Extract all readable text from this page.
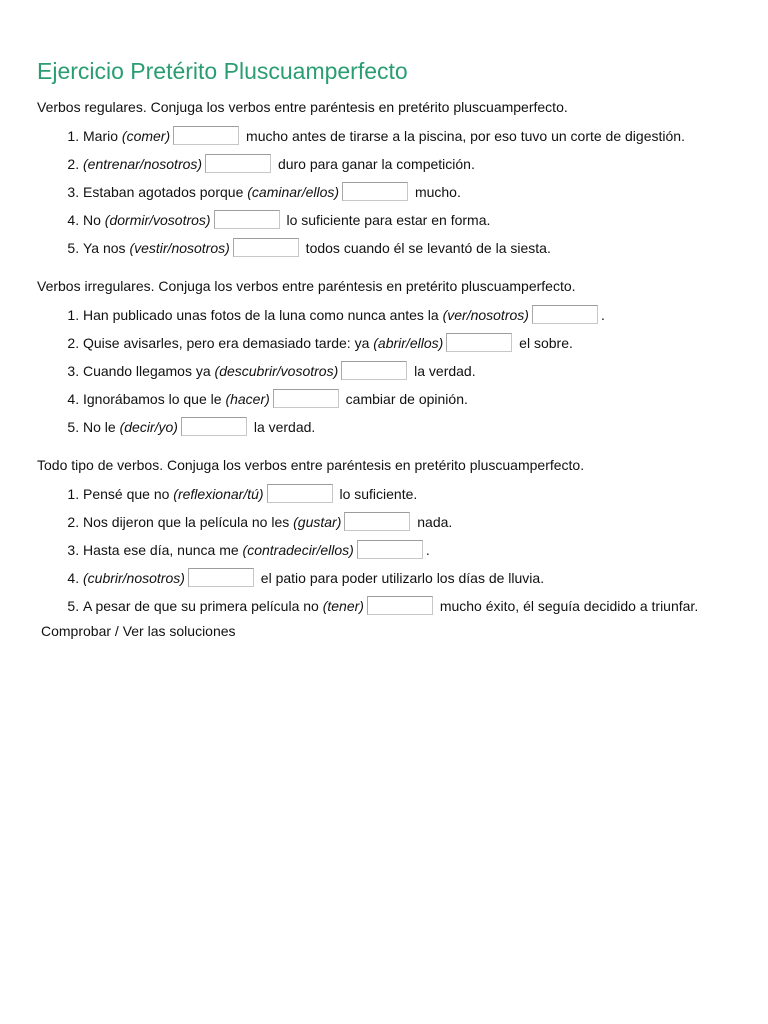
Ejercicio Pretérito Pluscuamperfecto

Verbos regulares. Conjuga los verbos entre paréntesis en pretérito pluscuamperfecto.

1. Mario (comer)	mucho antes de tirarse a la piscina, por eso tuvo un corte de digestión.
2. (entrenar/nosotros)	duro para ganar la competición.
3. Estaban agotados porque (caminar/ellos)	mucho.
4. No (dormir/vosotros)	lo suficiente para estar en forma.
5. Ya nos (vestir/nosotros)	todos cuando él se levantó de la siesta.

Verbos irregulares. Conjuga los verbos entre paréntesis en pretérito pluscuamperfecto.

1. Han publicado unas fotos de la luna como nunca antes la (ver/nosotros)	.
2. Quise avisarles, pero era demasiado tarde: ya (abrir/ellos)	el sobre.
3. Cuando llegamos ya (descubrir/vosotros)	la verdad.
4. Ignorábamos lo que le (hacer)	cambiar de opinión.
5. No le (decir/yo)	la verdad.

Todo tipo de verbos. Conjuga los verbos entre paréntesis en pretérito pluscuamperfecto.

1. Pensé que no (reflexionar/tú)	lo suficiente.
2. Nos dijeron que la película no les (gustar)	nada.
3. Hasta ese día, nunca me (contradecir/ellos)	.
4. (cubrir/nosotros)	el patio para poder utilizarlo los días de lluvia.
5. A pesar de que su primera película no (tener)	mucho éxito, él seguía decidido a triunfar.
Comprobar / Ver las soluciones
